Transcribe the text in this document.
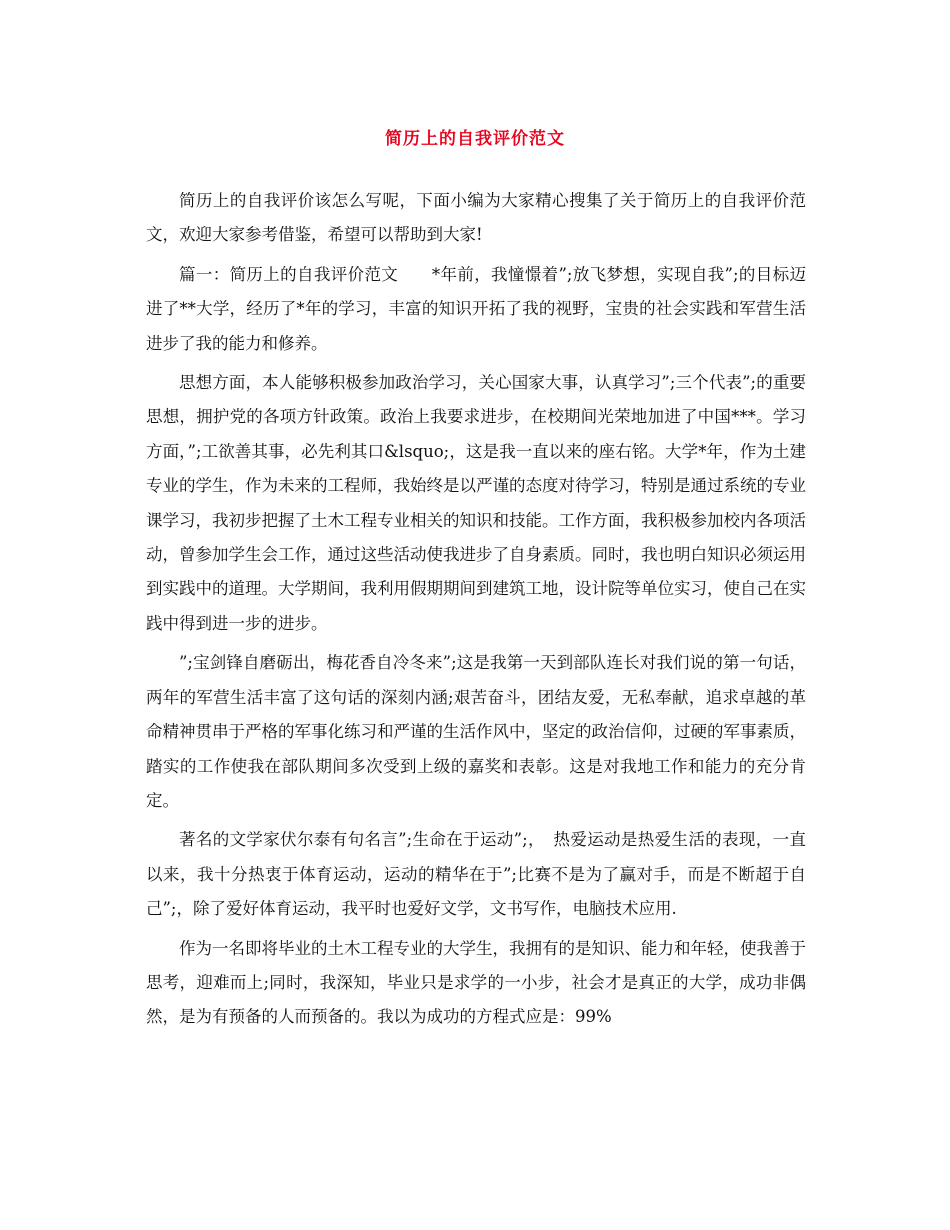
简历上的自我评价范文

简历上的自我评价该怎么写呢，下面小编为大家精心搜集了关于简历上的自我评价范文，欢迎大家参考借鉴，希望可以帮助到大家!

篇一：简历上的自我评价范文　　*年前，我憧憬着”;放飞梦想，实现自我”;的目标迈进了**大学，经历了*年的学习，丰富的知识开拓了我的视野，宝贵的社会实践和军营生活进步了我的能力和修养。

思想方面，本人能够积极参加政治学习，关心国家大事，认真学习”;三个代表”;的重要思想，拥护党的各项方针政策。政治上我要求进步，在校期间光荣地加进了中国***。学习方面，”;工欲善其事，必先利其口&lsquo;，这是我一直以来的座右铭。大学*年，作为土建专业的学生，作为未来的工程师，我始终是以严谨的态度对待学习，特别是通过系统的专业课学习，我初步把握了土木工程专业相关的知识和技能。工作方面，我积极参加校内各项活动，曾参加学生会工作，通过这些活动使我进步了自身素质。同时，我也明白知识必须运用到实践中的道理。大学期间，我利用假期期间到建筑工地，设计院等单位实习，使自己在实践中得到进一步的进步。

”;宝剑锋自磨砺出，梅花香自冷冬来”;这是我第一天到部队连长对我们说的第一句话，两年的军营生活丰富了这句话的深刻内涵;艰苦奋斗，团结友爱，无私奉献，追求卓越的革命精神贯串于严格的军事化练习和严谨的生活作风中，坚定的政治信仰，过硬的军事素质，踏实的工作使我在部队期间多次受到上级的嘉奖和表彰。这是对我地工作和能力的充分肯定。

著名的文学家伏尔泰有句名言”;生命在于运动”;，　热爱运动是热爱生活的表现，一直以来，我十分热衷于体育运动，运动的精华在于”;比赛不是为了赢对手，而是不断超于自己”;，除了爱好体育运动，我平时也爱好文学，文书写作，电脑技术应用.

作为一名即将毕业的土木工程专业的大学生，我拥有的是知识、能力和年轻，使我善于思考，迎难而上;同时，我深知，毕业只是求学的一小步，社会才是真正的大学，成功非偶然，是为有预备的人而预备的。我以为成功的方程式应是：99%
